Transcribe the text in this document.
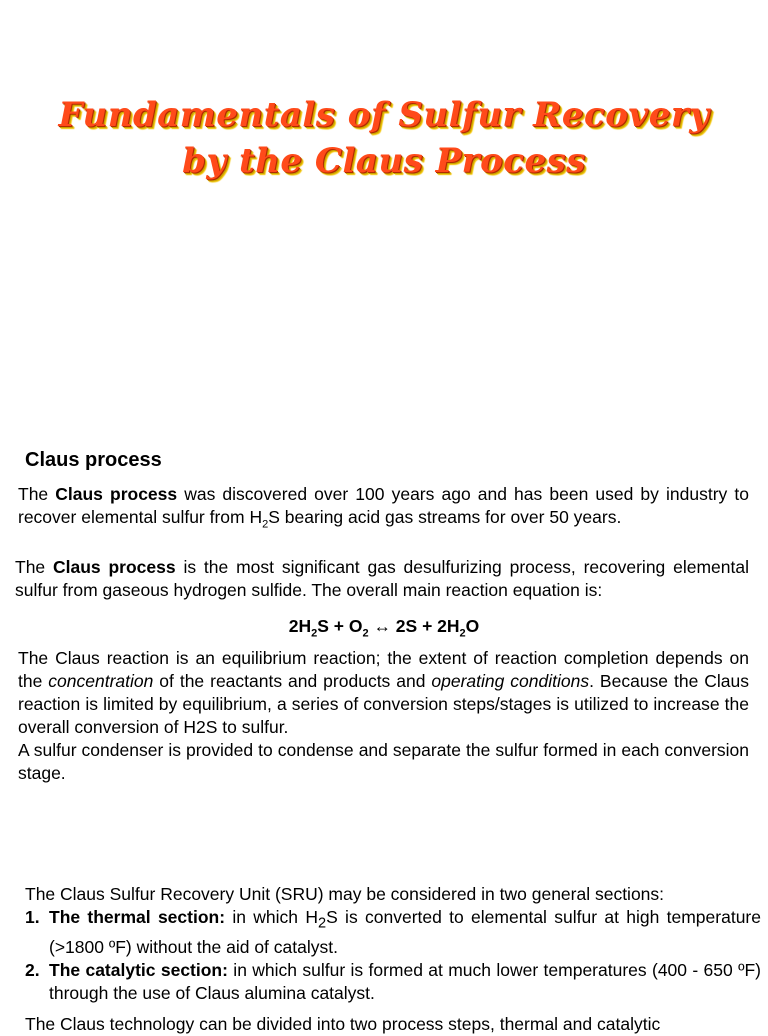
Fundamentals of Sulfur Recovery
by the Claus Process
Claus process
The Claus process was discovered over 100 years ago and has been used by industry to recover elemental sulfur from $H_2S$ bearing acid gas streams for over 50 years.
The Claus process is the most significant gas desulfurizing process, recovering elemental sulfur from gaseous hydrogen sulfide. The overall main reaction equation is:
$2H_2S + O_2$ ↔ $2S + 2H_2O$
The Claus reaction is an equilibrium reaction; the extent of reaction completion depends on the concentration of the reactants and products and operating conditions. Because the Claus reaction is limited by equilibrium, a series of conversion steps/stages is utilized to increase the overall conversion of H2S to sulfur.
A sulfur condenser is provided to condense and separate the sulfur formed in each conversion stage.
The Claus Sulfur Recovery Unit (SRU) may be considered in two general sections:
1. The thermal section: in which $H_2S$ is converted to elemental sulfur at high temperature (>1800 ºF) without the aid of catalyst.
2. The catalytic section: in which sulfur is formed at much lower temperatures (400 - 650 ºF) through the use of Claus alumina catalyst.
The Claus technology can be divided into two process steps, thermal and catalytic
